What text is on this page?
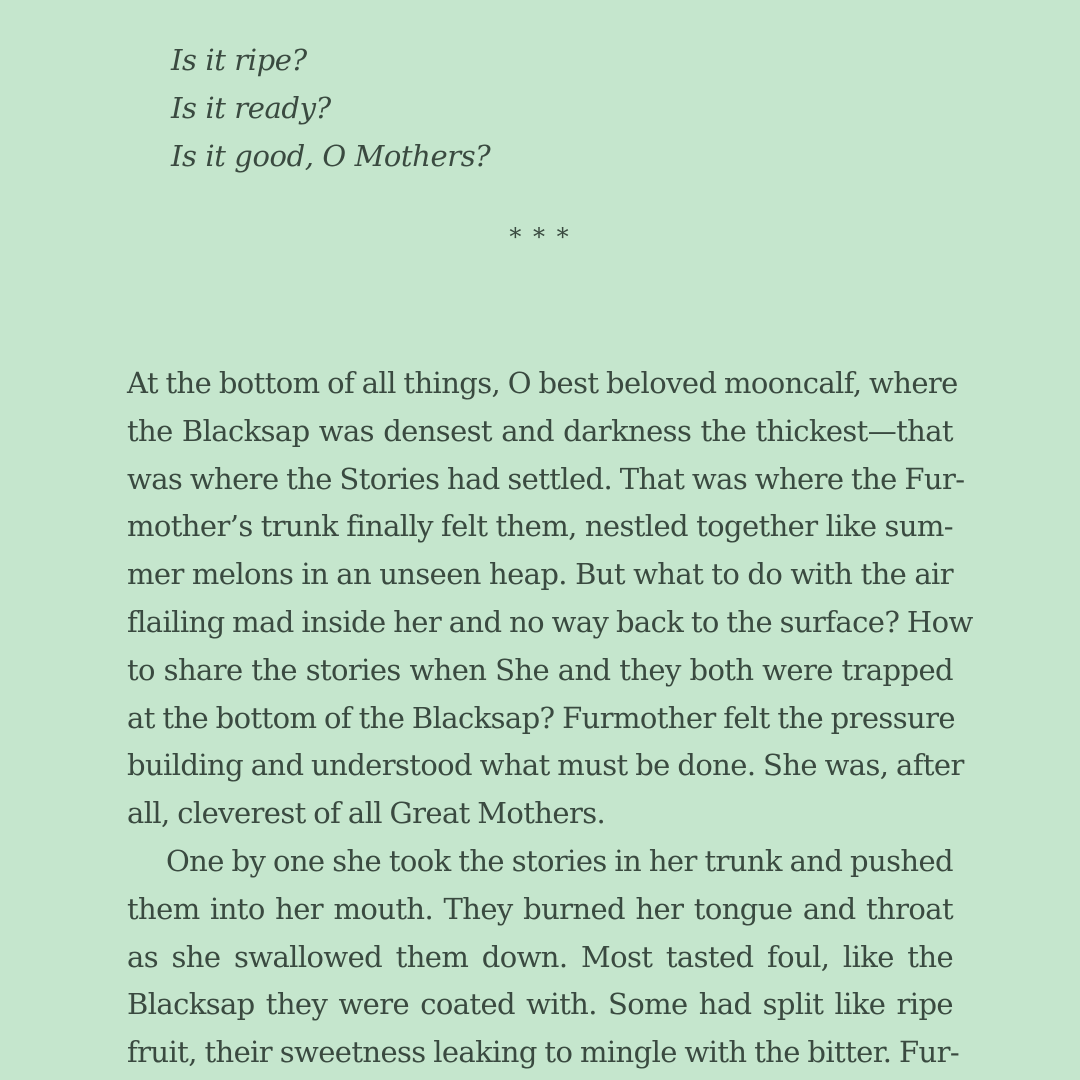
Is it ripe?
Is it ready?
Is it good, O Mothers?
* * *
At the bottom of all things, O best beloved mooncalf, where
the Blacksap was densest and darkness the thickest—that
was where the Stories had settled. That was where the Fur-
mother’s trunk finally felt them, nestled together like sum-
mer melons in an unseen heap. But what to do with the air
flailing mad inside her and no way back to the surface? How
to share the stories when She and they both were trapped
at the bottom of the Blacksap? Furmother felt the pressure
building and understood what must be done. She was, after
all, cleverest of all Great Mothers.
One by one she took the stories in her trunk and pushed
them into her mouth. They burned her tongue and throat
as she swallowed them down. Most tasted foul, like the
Blacksap they were coated with. Some had split like ripe
fruit, their sweetness leaking to mingle with the bitter. Fur-
